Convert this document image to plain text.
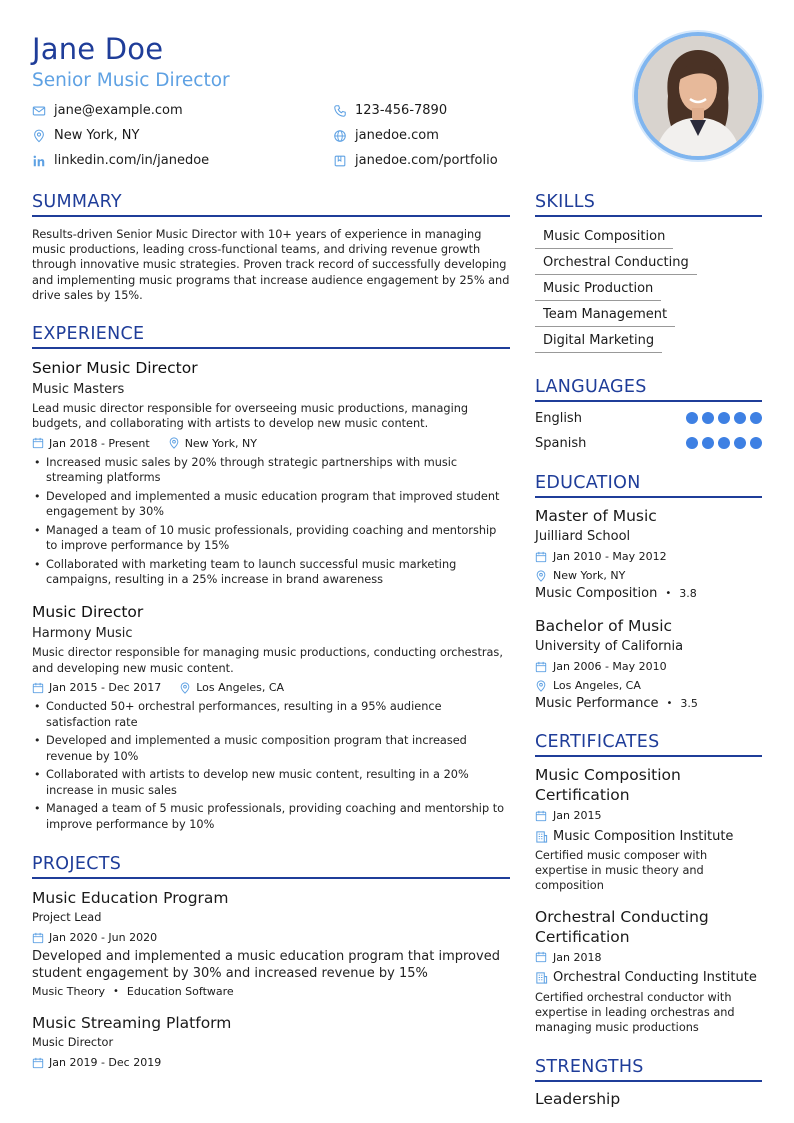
Jane Doe
Senior Music Director
jane@example.com	123-456-7890
New York, NY	janedoe.com
linkedin.com/in/janedoe	janedoe.com/portfolio
SUMMARY

Results-driven Senior Music Director with 10+ years of experience in managing music productions, leading cross-functional teams, and driving revenue growth through innovative music strategies. Proven track record of successfully developing and implementing music programs that increase audience engagement by 25% and drive sales by 15%.

EXPERIENCE
Senior Music Director
Music Masters
Lead music director responsible for overseeing music productions, managing budgets, and collaborating with artists to develop new music content.
Jan 2018 - Present	New York, NY
• Increased music sales by 20% through strategic partnerships with music streaming platforms
• Developed and implemented a music education program that improved student engagement by 30%
• Managed a team of 10 music professionals, providing coaching and mentorship to improve performance by 15%
• Collaborated with marketing team to launch successful music marketing campaigns, resulting in a 25% increase in brand awareness
Music Director
Harmony Music
Music director responsible for managing music productions, conducting orchestras, and developing new music content.
Jan 2015 - Dec 2017	Los Angeles, CA
• Conducted 50+ orchestral performances, resulting in a 95% audience satisfaction rate
• Developed and implemented a music composition program that increased revenue by 10%
• Collaborated with artists to develop new music content, resulting in a 20% increase in music sales
• Managed a team of 5 music professionals, providing coaching and mentorship to improve performance by 10%
PROJECTS
Music Education Program
Project Lead
Jan 2020 - Jun 2020
Developed and implemented a music education program that improved student engagement by 30% and increased revenue by 15%
Music Theory • Education Software
Music Streaming Platform
Music Director
Jan 2019 - Dec 2019
SKILLS
Music Composition
Orchestral Conducting
Music Production
Team Management
Digital Marketing
LANGUAGES
English
Spanish
EDUCATION
Master of Music
Juilliard School
Jan 2010 - May 2012
New York, NY
Music Composition • 3.8
Bachelor of Music
University of California
Jan 2006 - May 2010
Los Angeles, CA
Music Performance • 3.5
CERTIFICATES
Music Composition Certification
Jan 2015
Music Composition Institute
Certified music composer with expertise in music theory and composition
Orchestral Conducting Certification
Jan 2018
Orchestral Conducting Institute
Certified orchestral conductor with expertise in leading orchestras and managing music productions
STRENGTHS
Leadership
